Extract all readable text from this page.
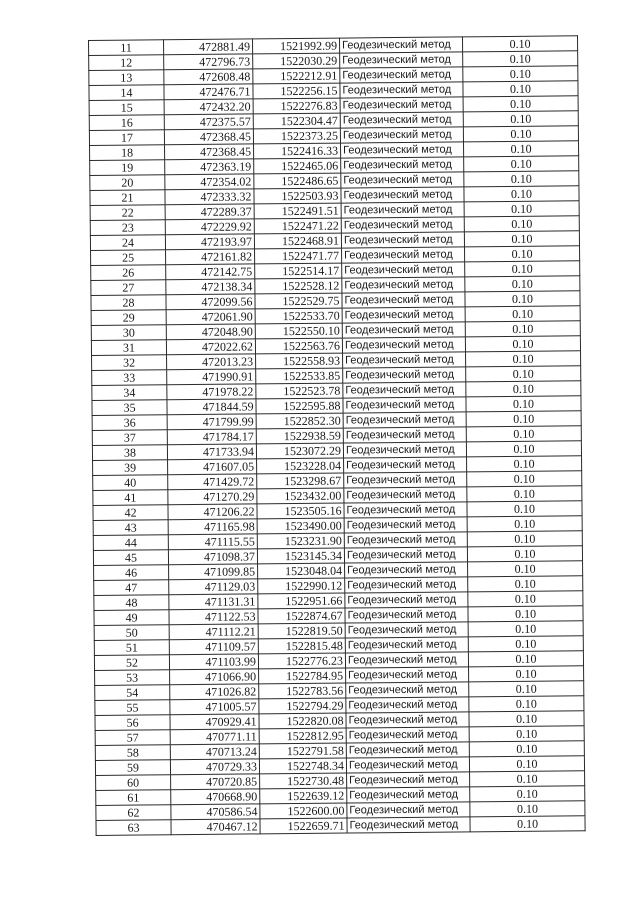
11	472881.49	1521992.99	Геодезический метод	0.10
12	472796.73	1522030.29	Геодезический метод	0.10
13	472608.48	1522212.91	Геодезический метод	0.10
14	472476.71	1522256.15	Геодезический метод	0.10
15	472432.20	1522276.83	Геодезический метод	0.10
16	472375.57	1522304.47	Геодезический метод	0.10
17	472368.45	1522373.25	Геодезический метод	0.10
18	472368.45	1522416.33	Геодезический метод	0.10
19	472363.19	1522465.06	Геодезический метод	0.10
20	472354.02	1522486.65	Геодезический метод	0.10
21	472333.32	1522503.93	Геодезический метод	0.10
22	472289.37	1522491.51	Геодезический метод	0.10
23	472229.92	1522471.22	Геодезический метод	0.10
24	472193.97	1522468.91	Геодезический метод	0.10
25	472161.82	1522471.77	Геодезический метод	0.10
26	472142.75	1522514.17	Геодезический метод	0.10
27	472138.34	1522528.12	Геодезический метод	0.10
28	472099.56	1522529.75	Геодезический метод	0.10
29	472061.90	1522533.70	Геодезический метод	0.10
30	472048.90	1522550.10	Геодезический метод	0.10
31	472022.62	1522563.76	Геодезический метод	0.10
32	472013.23	1522558.93	Геодезический метод	0.10
33	471990.91	1522533.85	Геодезический метод	0.10
34	471978.22	1522523.78	Геодезический метод	0.10
35	471844.59	1522595.88	Геодезический метод	0.10
36	471799.99	1522852.30	Геодезический метод	0.10
37	471784.17	1522938.59	Геодезический метод	0.10
38	471733.94	1523072.29	Геодезический метод	0.10
39	471607.05	1523228.04	Геодезический метод	0.10
40	471429.72	1523298.67	Геодезический метод	0.10
41	471270.29	1523432.00	Геодезический метод	0.10
42	471206.22	1523505.16	Геодезический метод	0.10
43	471165.98	1523490.00	Геодезический метод	0.10
44	471115.55	1523231.90	Геодезический метод	0.10
45	471098.37	1523145.34	Геодезический метод	0.10
46	471099.85	1523048.04	Геодезический метод	0.10
47	471129.03	1522990.12	Геодезический метод	0.10
48	471131.31	1522951.66	Геодезический метод	0.10
49	471122.53	1522874.67	Геодезический метод	0.10
50	471112.21	1522819.50	Геодезический метод	0.10
51	471109.57	1522815.48	Геодезический метод	0.10
52	471103.99	1522776.23	Геодезический метод	0.10
53	471066.90	1522784.95	Геодезический метод	0.10
54	471026.82	1522783.56	Геодезический метод	0.10
55	471005.57	1522794.29	Геодезический метод	0.10
56	470929.41	1522820.08	Геодезический метод	0.10
57	470771.11	1522812.95	Геодезический метод	0.10
58	470713.24	1522791.58	Геодезический метод	0.10
59	470729.33	1522748.34	Геодезический метод	0.10
60	470720.85	1522730.48	Геодезический метод	0.10
61	470668.90	1522639.12	Геодезический метод	0.10
62	470586.54	1522600.00	Геодезический метод	0.10
63	470467.12	1522659.71	Геодезический метод	0.10
